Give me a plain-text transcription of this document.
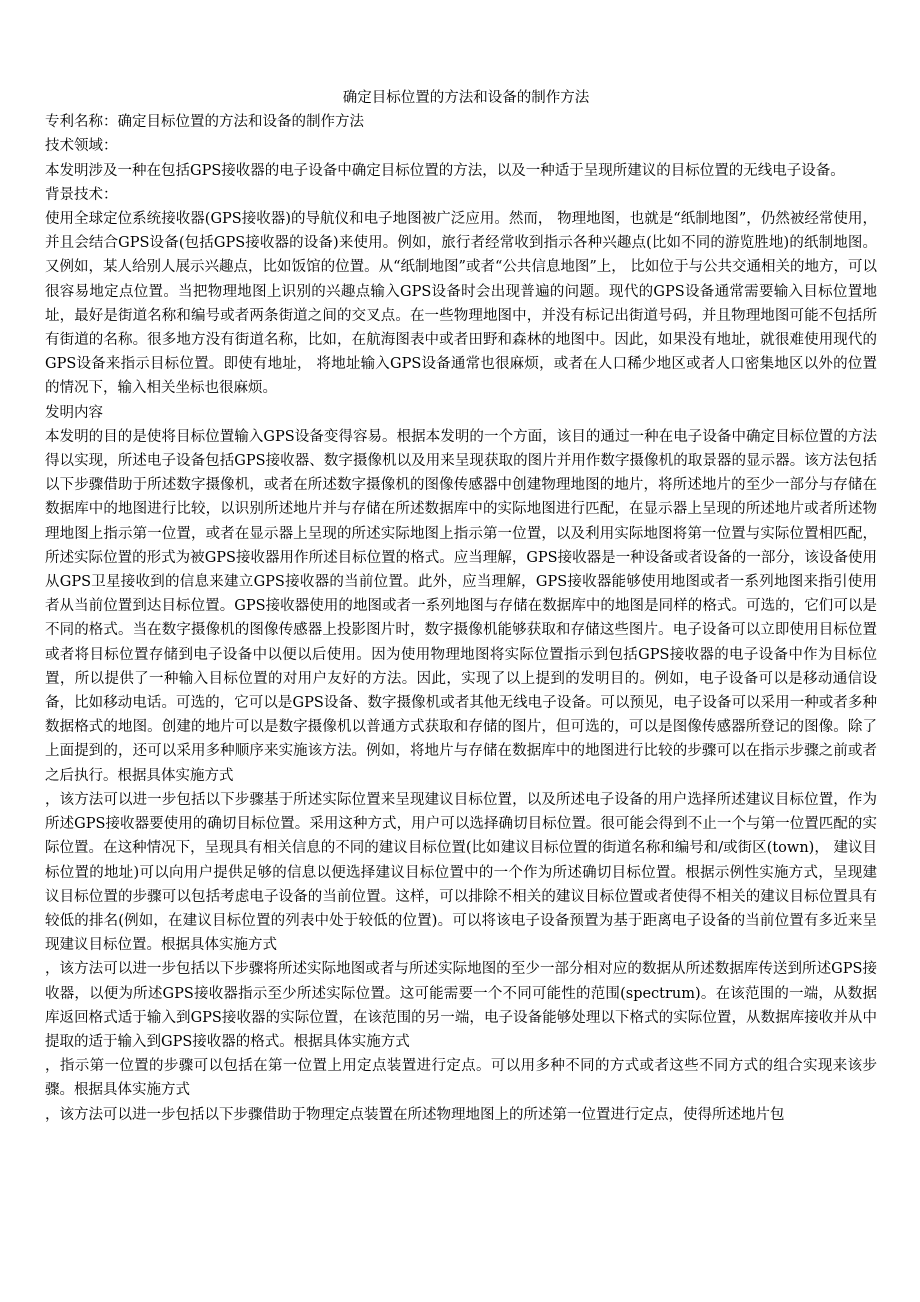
确定目标位置的方法和设备的制作方法

专利名称：确定目标位置的方法和设备的制作方法

技术领域：

本发明涉及一种在包括GPS接收器的电子设备中确定目标位置的方法，以及一种适于呈现所建议的目标位置的无线电子设备。

背景技术：

使用全球定位系统接收器(GPS接收器)的导航仪和电子地图被广泛应用。然而， 物理地图，也就是“纸制地图”，仍然被经常使用，并且会结合GPS设备(包括GPS接收器的设备)来使用。例如，旅行者经常收到指示各种兴趣点(比如不同的游览胜地)的纸制地图。又例如，某人给别人展示兴趣点，比如饭馆的位置。从“纸制地图”或者“公共信息地图”上， 比如位于与公共交通相关的地方，可以很容易地定点位置。当把物理地图上识别的兴趣点输入GPS设备时会出现普遍的问题。现代的GPS设备通常需要输入目标位置地址，最好是街道名称和编号或者两条街道之间的交叉点。在一些物理地图中，并没有标记出街道号码，并且物理地图可能不包括所有街道的名称。很多地方没有街道名称，比如，在航海图表中或者田野和森林的地图中。因此，如果没有地址，就很难使用现代的GPS设备来指示目标位置。即使有地址， 将地址输入GPS设备通常也很麻烦，或者在人口稀少地区或者人口密集地区以外的位置的情况下，输入相关坐标也很麻烦。

发明内容

本发明的目的是使将目标位置输入GPS设备变得容易。根据本发明的一个方面，该目的通过一种在电子设备中确定目标位置的方法得以实现，所述电子设备包括GPS接收器、数字摄像机以及用来呈现获取的图片并用作数字摄像机的取景器的显示器。该方法包括以下步骤借助于所述数字摄像机，或者在所述数字摄像机的图像传感器中创建物理地图的地片，将所述地片的至少一部分与存储在数据库中的地图进行比较，以识别所述地片并与存储在所述数据库中的实际地图进行匹配，在显示器上呈现的所述地片或者所述物理地图上指示第一位置，或者在显示器上呈现的所述实际地图上指示第一位置，以及利用实际地图将第一位置与实际位置相匹配，所述实际位置的形式为被GPS接收器用作所述目标位置的格式。应当理解，GPS接收器是一种设备或者设备的一部分，该设备使用从GPS卫星接收到的信息来建立GPS接收器的当前位置。此外，应当理解，GPS接收器能够使用地图或者一系列地图来指引使用者从当前位置到达目标位置。GPS接收器使用的地图或者一系列地图与存储在数据库中的地图是同样的格式。可选的，它们可以是不同的格式。当在数字摄像机的图像传感器上投影图片时，数字摄像机能够获取和存储这些图片。电子设备可以立即使用目标位置或者将目标位置存储到电子设备中以便以后使用。因为使用物理地图将实际位置指示到包括GPS接收器的电子设备中作为目标位置，所以提供了一种输入目标位置的对用户友好的方法。因此，实现了以上提到的发明目的。例如，电子设备可以是移动通信设备，比如移动电话。可选的，它可以是GPS设备、数字摄像机或者其他无线电子设备。可以预见，电子设备可以采用一种或者多种数据格式的地图。创建的地片可以是数字摄像机以普通方式获取和存储的图片，但可选的，可以是图像传感器所登记的图像。除了上面提到的，还可以采用多种顺序来实施该方法。例如，将地片与存储在数据库中的地图进行比较的步骤可以在指示步骤之前或者之后执行。根据具体实施方式

，该方法可以进一步包括以下步骤基于所述实际位置来呈现建议目标位置，以及所述电子设备的用户选择所述建议目标位置，作为所述GPS接收器要使用的确切目标位置。采用这种方式，用户可以选择确切目标位置。很可能会得到不止一个与第一位置匹配的实际位置。在这种情况下，呈现具有相关信息的不同的建议目标位置(比如建议目标位置的街道名称和编号和/或街区(town)， 建议目标位置的地址)可以向用户提供足够的信息以便选择建议目标位置中的一个作为所述确切目标位置。根据示例性实施方式，呈现建议目标位置的步骤可以包括考虑电子设备的当前位置。这样，可以排除不相关的建议目标位置或者使得不相关的建议目标位置具有较低的排名(例如，在建议目标位置的列表中处于较低的位置)。可以将该电子设备预置为基于距离电子设备的当前位置有多近来呈现建议目标位置。根据具体实施方式

，该方法可以进一步包括以下步骤将所述实际地图或者与所述实际地图的至少一部分相对应的数据从所述数据库传送到所述GPS接收器，以便为所述GPS接收器指示至少所述实际位置。这可能需要一个不同可能性的范围(spectrum)。在该范围的一端，从数据库返回格式适于输入到GPS接收器的实际位置，在该范围的另一端，电子设备能够处理以下格式的实际位置，从数据库接收并从中提取的适于输入到GPS接收器的格式。根据具体实施方式

，指示第一位置的步骤可以包括在第一位置上用定点装置进行定点。可以用多种不同的方式或者这些不同方式的组合实现来该步骤。根据具体实施方式

，该方法可以进一步包括以下步骤借助于物理定点装置在所述物理地图上的所述第一位置进行定点，使得所述地片包
